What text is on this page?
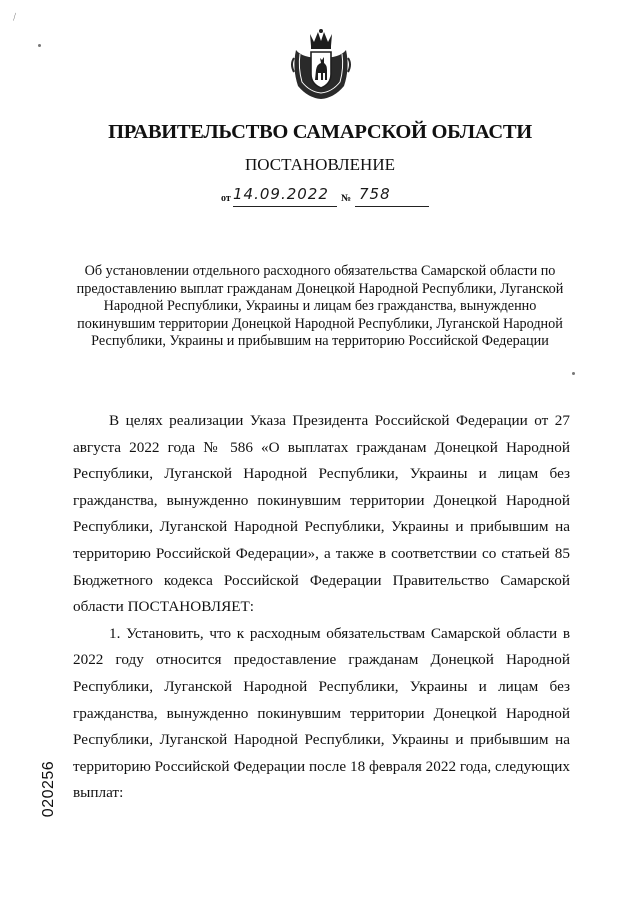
∕
ПРАВИТЕЛЬСТВО САМАРСКОЙ ОБЛАСТИ
ПОСТАНОВЛЕНИЕ
от 14.09.2022	№ 758
Об установлении отдельного расходного обязательства Самарской области по предоставлению выплат гражданам Донецкой Народной Республики, Луганской Народной Республики, Украины и лицам без гражданства, вынужденно покинувшим территории Донецкой Народной Республики, Луганской Народной Республики, Украины и прибывшим на территорию Российской Федерации

В целях реализации Указа Президента Российской Федерации от 27 августа 2022 года № 586 «О выплатах гражданам Донецкой Народной Республики, Луганской Народной Республики, Украины и лицам без гражданства, вынужденно покинувшим территории Донецкой Народной Республики, Луганской Народной Республики, Украины и прибывшим на территорию Российской Федерации», а также в соответствии со статьей 85 Бюджетного кодекса Российской Федерации Правительство Самарской области ПОСТАНОВЛЯЕТ:

1. Установить, что к расходным обязательствам Самарской области в 2022 году относится предоставление гражданам Донецкой Народной Республики, Луганской Народной Республики, Украины и лицам без гражданства, вынужденно покинувшим территории Донецкой Народной Республики, Луганской Народной Республики, Украины и прибывшим на территорию Российской Федерации после 18 февраля 2022 года, следующих выплат:

020256
